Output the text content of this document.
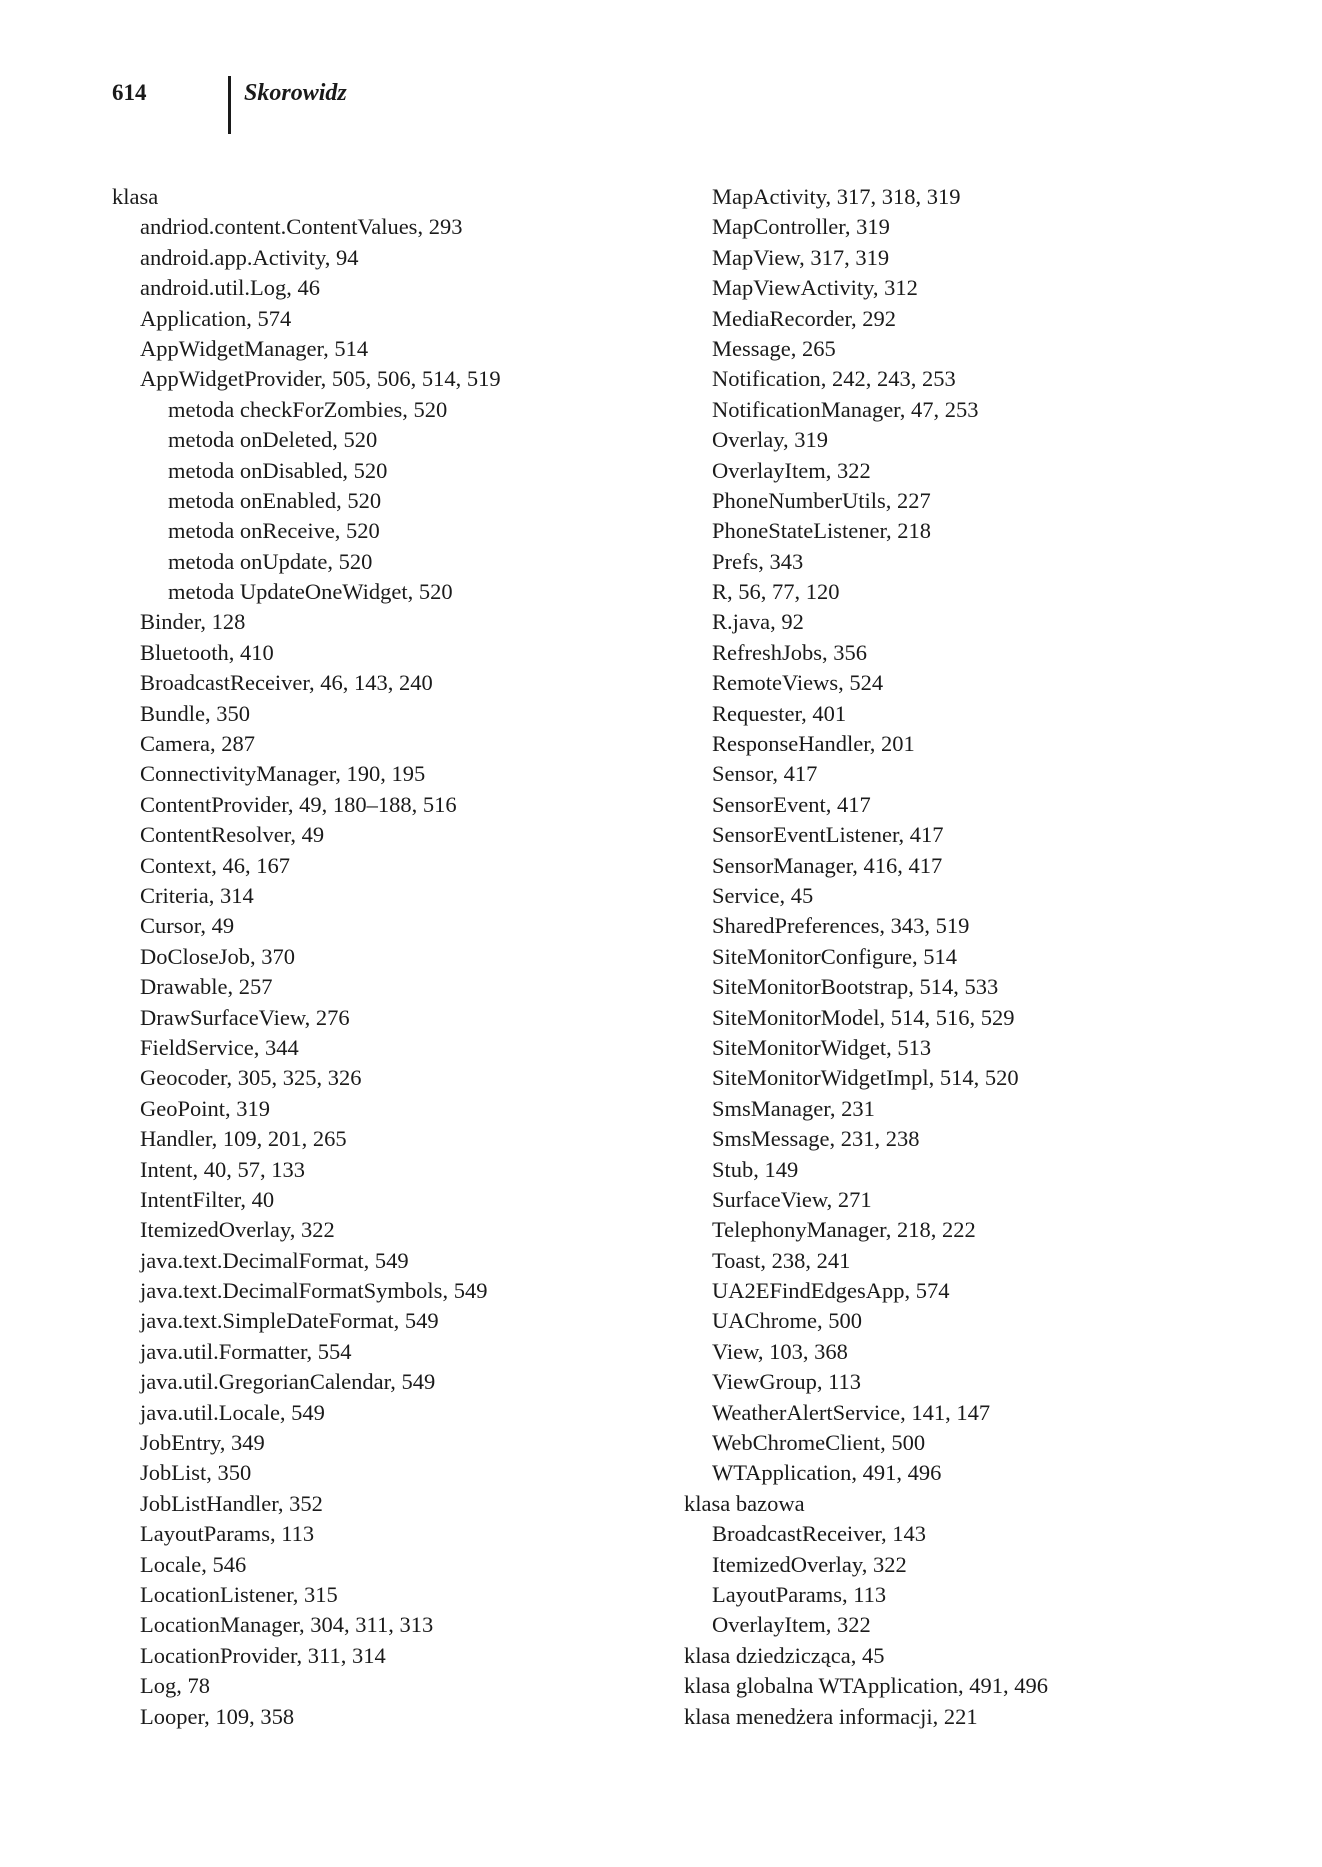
614	Skorowidz
klasa
andriod.content.ContentValues, 293
android.app.Activity, 94
android.util.Log, 46
Application, 574
AppWidgetManager, 514
AppWidgetProvider, 505, 506, 514, 519
metoda checkForZombies, 520
metoda onDeleted, 520
metoda onDisabled, 520
metoda onEnabled, 520
metoda onReceive, 520
metoda onUpdate, 520
metoda UpdateOneWidget, 520
Binder, 128
Bluetooth, 410
BroadcastReceiver, 46, 143, 240
Bundle, 350
Camera, 287
ConnectivityManager, 190, 195
ContentProvider, 49, 180–188, 516
ContentResolver, 49
Context, 46, 167
Criteria, 314
Cursor, 49
DoCloseJob, 370
Drawable, 257
DrawSurfaceView, 276
FieldService, 344
Geocoder, 305, 325, 326
GeoPoint, 319
Handler, 109, 201, 265
Intent, 40, 57, 133
IntentFilter, 40
ItemizedOverlay, 322
java.text.DecimalFormat, 549
java.text.DecimalFormatSymbols, 549
java.text.SimpleDateFormat, 549
java.util.Formatter, 554
java.util.GregorianCalendar, 549
java.util.Locale, 549
JobEntry, 349
JobList, 350
JobListHandler, 352
LayoutParams, 113
Locale, 546
LocationListener, 315
LocationManager, 304, 311, 313
LocationProvider, 311, 314
Log, 78
Looper, 109, 358
MapActivity, 317, 318, 319
MapController, 319
MapView, 317, 319
MapViewActivity, 312
MediaRecorder, 292
Message, 265
Notification, 242, 243, 253
NotificationManager, 47, 253
Overlay, 319
OverlayItem, 322
PhoneNumberUtils, 227
PhoneStateListener, 218
Prefs, 343
R, 56, 77, 120
R.java, 92
RefreshJobs, 356
RemoteViews, 524
Requester, 401
ResponseHandler, 201
Sensor, 417
SensorEvent, 417
SensorEventListener, 417
SensorManager, 416, 417
Service, 45
SharedPreferences, 343, 519
SiteMonitorConfigure, 514
SiteMonitorBootstrap, 514, 533
SiteMonitorModel, 514, 516, 529
SiteMonitorWidget, 513
SiteMonitorWidgetImpl, 514, 520
SmsManager, 231
SmsMessage, 231, 238
Stub, 149
SurfaceView, 271
TelephonyManager, 218, 222
Toast, 238, 241
UA2EFindEdgesApp, 574
UAChrome, 500
View, 103, 368
ViewGroup, 113
WeatherAlertService, 141, 147
WebChromeClient, 500
WTApplication, 491, 496
klasa bazowa
BroadcastReceiver, 143
ItemizedOverlay, 322
LayoutParams, 113
OverlayItem, 322
klasa dziedzicząca, 45
klasa globalna WTApplication, 491, 496
klasa menedżera informacji, 221
